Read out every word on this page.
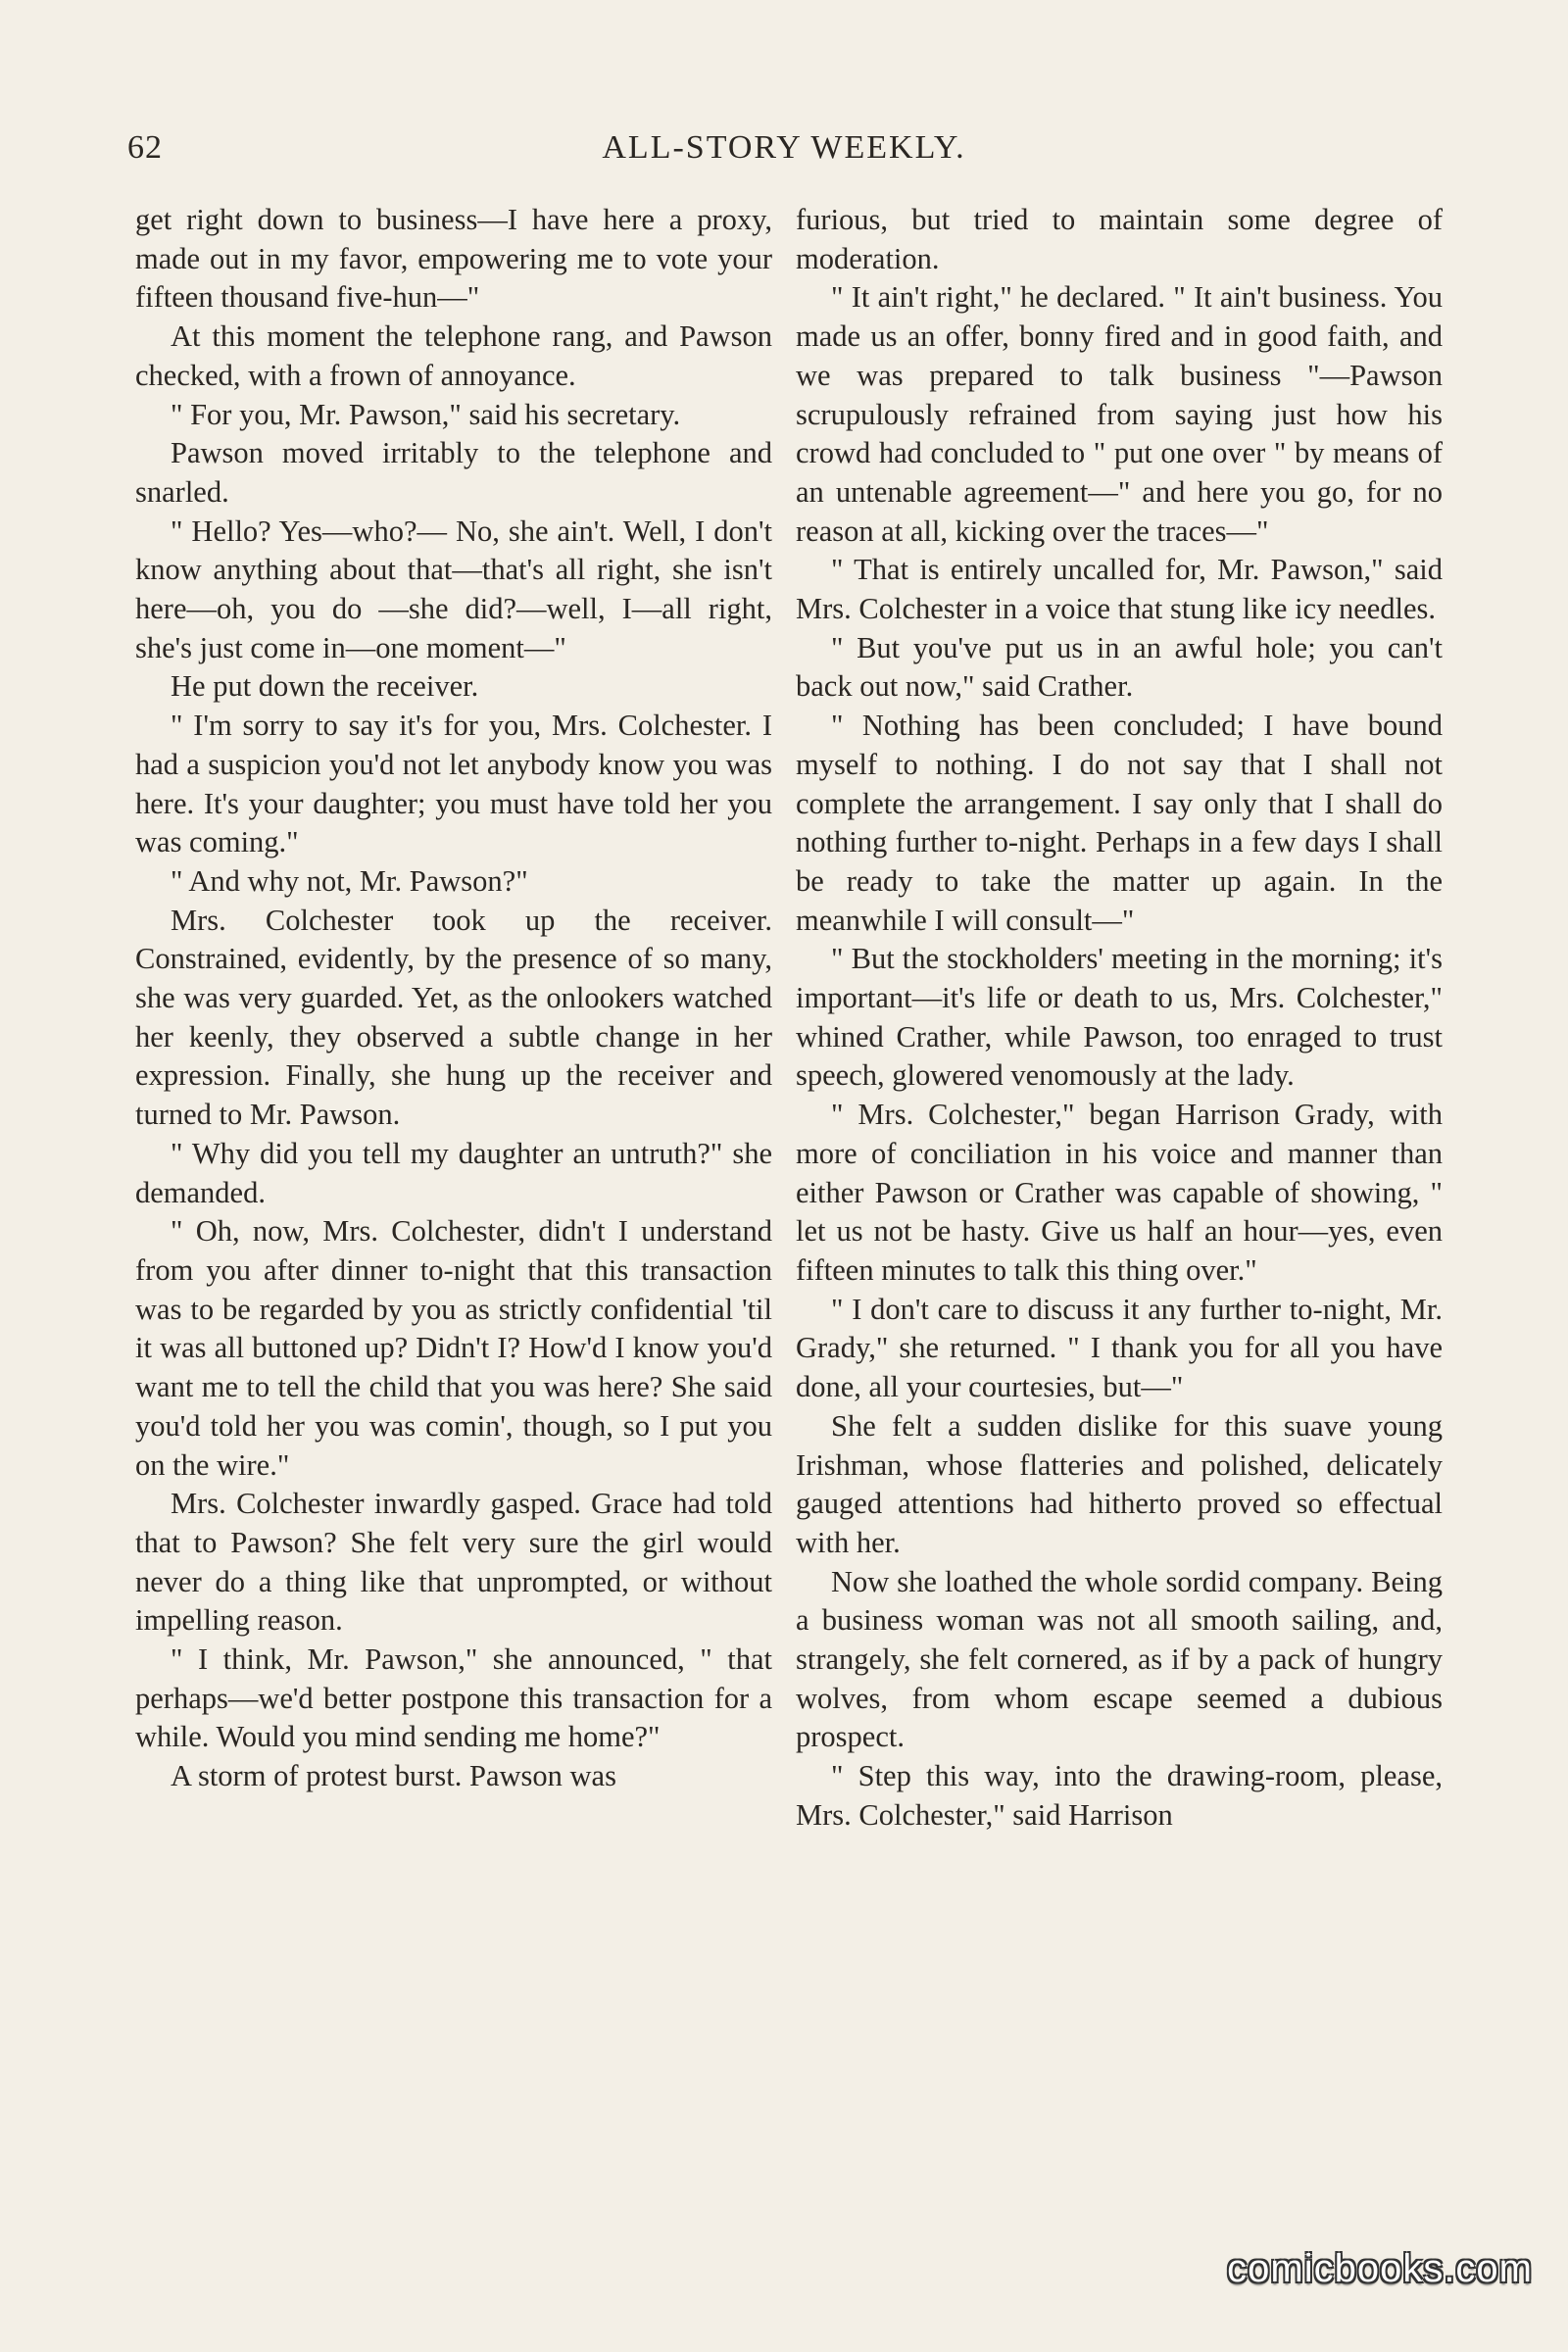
62	ALL-STORY WEEKLY.

get right down to business—I have here a proxy, made out in my favor, empowering me to vote your fifteen thousand five-hun—"

At this moment the telephone rang, and Pawson checked, with a frown of annoyance.

" For you, Mr. Pawson," said his secretary.

Pawson moved irritably to the telephone and snarled.

" Hello? Yes—who?— No, she ain't. Well, I don't know anything about that—that's all right, she isn't here—oh, you do —she did?—well, I—all right, she's just come in—one moment—"

He put down the receiver.

" I'm sorry to say it's for you, Mrs. Colchester. I had a suspicion you'd not let anybody know you was here. It's your daughter; you must have told her you was coming."

" And why not, Mr. Pawson?"

Mrs. Colchester took up the receiver. Constrained, evidently, by the presence of so many, she was very guarded. Yet, as the onlookers watched her keenly, they observed a subtle change in her expression. Finally, she hung up the receiver and turned to Mr. Pawson.

" Why did you tell my daughter an untruth?" she demanded.

" Oh, now, Mrs. Colchester, didn't I understand from you after dinner to-night that this transaction was to be regarded by you as strictly confidential 'til it was all buttoned up? Didn't I? How'd I know you'd want me to tell the child that you was here? She said you'd told her you was comin', though, so I put you on the wire."

Mrs. Colchester inwardly gasped. Grace had told that to Pawson? She felt very sure the girl would never do a thing like that unprompted, or without impelling reason.

" I think, Mr. Pawson," she announced, " that perhaps—we'd better postpone this transaction for a while. Would you mind sending me home?"

A storm of protest burst. Pawson was

furious, but tried to maintain some degree of moderation.

" It ain't right," he declared. " It ain't business. You made us an offer, bonny fired and in good faith, and we was prepared to talk business "—Pawson scrupulously refrained from saying just how his crowd had concluded to " put one over " by means of an untenable agreement—" and here you go, for no reason at all, kicking over the traces—"

" That is entirely uncalled for, Mr. Pawson," said Mrs. Colchester in a voice that stung like icy needles.

" But you've put us in an awful hole; you can't back out now," said Crather.

" Nothing has been concluded; I have bound myself to nothing. I do not say that I shall not complete the arrangement. I say only that I shall do nothing further to-night. Perhaps in a few days I shall be ready to take the matter up again. In the meanwhile I will consult—"

" But the stockholders' meeting in the morning; it's important—it's life or death to us, Mrs. Colchester," whined Crather, while Pawson, too enraged to trust speech, glowered venomously at the lady.

" Mrs. Colchester," began Harrison Grady, with more of conciliation in his voice and manner than either Pawson or Crather was capable of showing, " let us not be hasty. Give us half an hour—yes, even fifteen minutes to talk this thing over."

" I don't care to discuss it any further to-night, Mr. Grady," she returned. " I thank you for all you have done, all your courtesies, but—"

She felt a sudden dislike for this suave young Irishman, whose flatteries and polished, delicately gauged attentions had hitherto proved so effectual with her.

Now she loathed the whole sordid company. Being a business woman was not all smooth sailing, and, strangely, she felt cornered, as if by a pack of hungry wolves, from whom escape seemed a dubious prospect.

" Step this way, into the drawing-room, please, Mrs. Colchester," said Harrison

comicbooks.com
